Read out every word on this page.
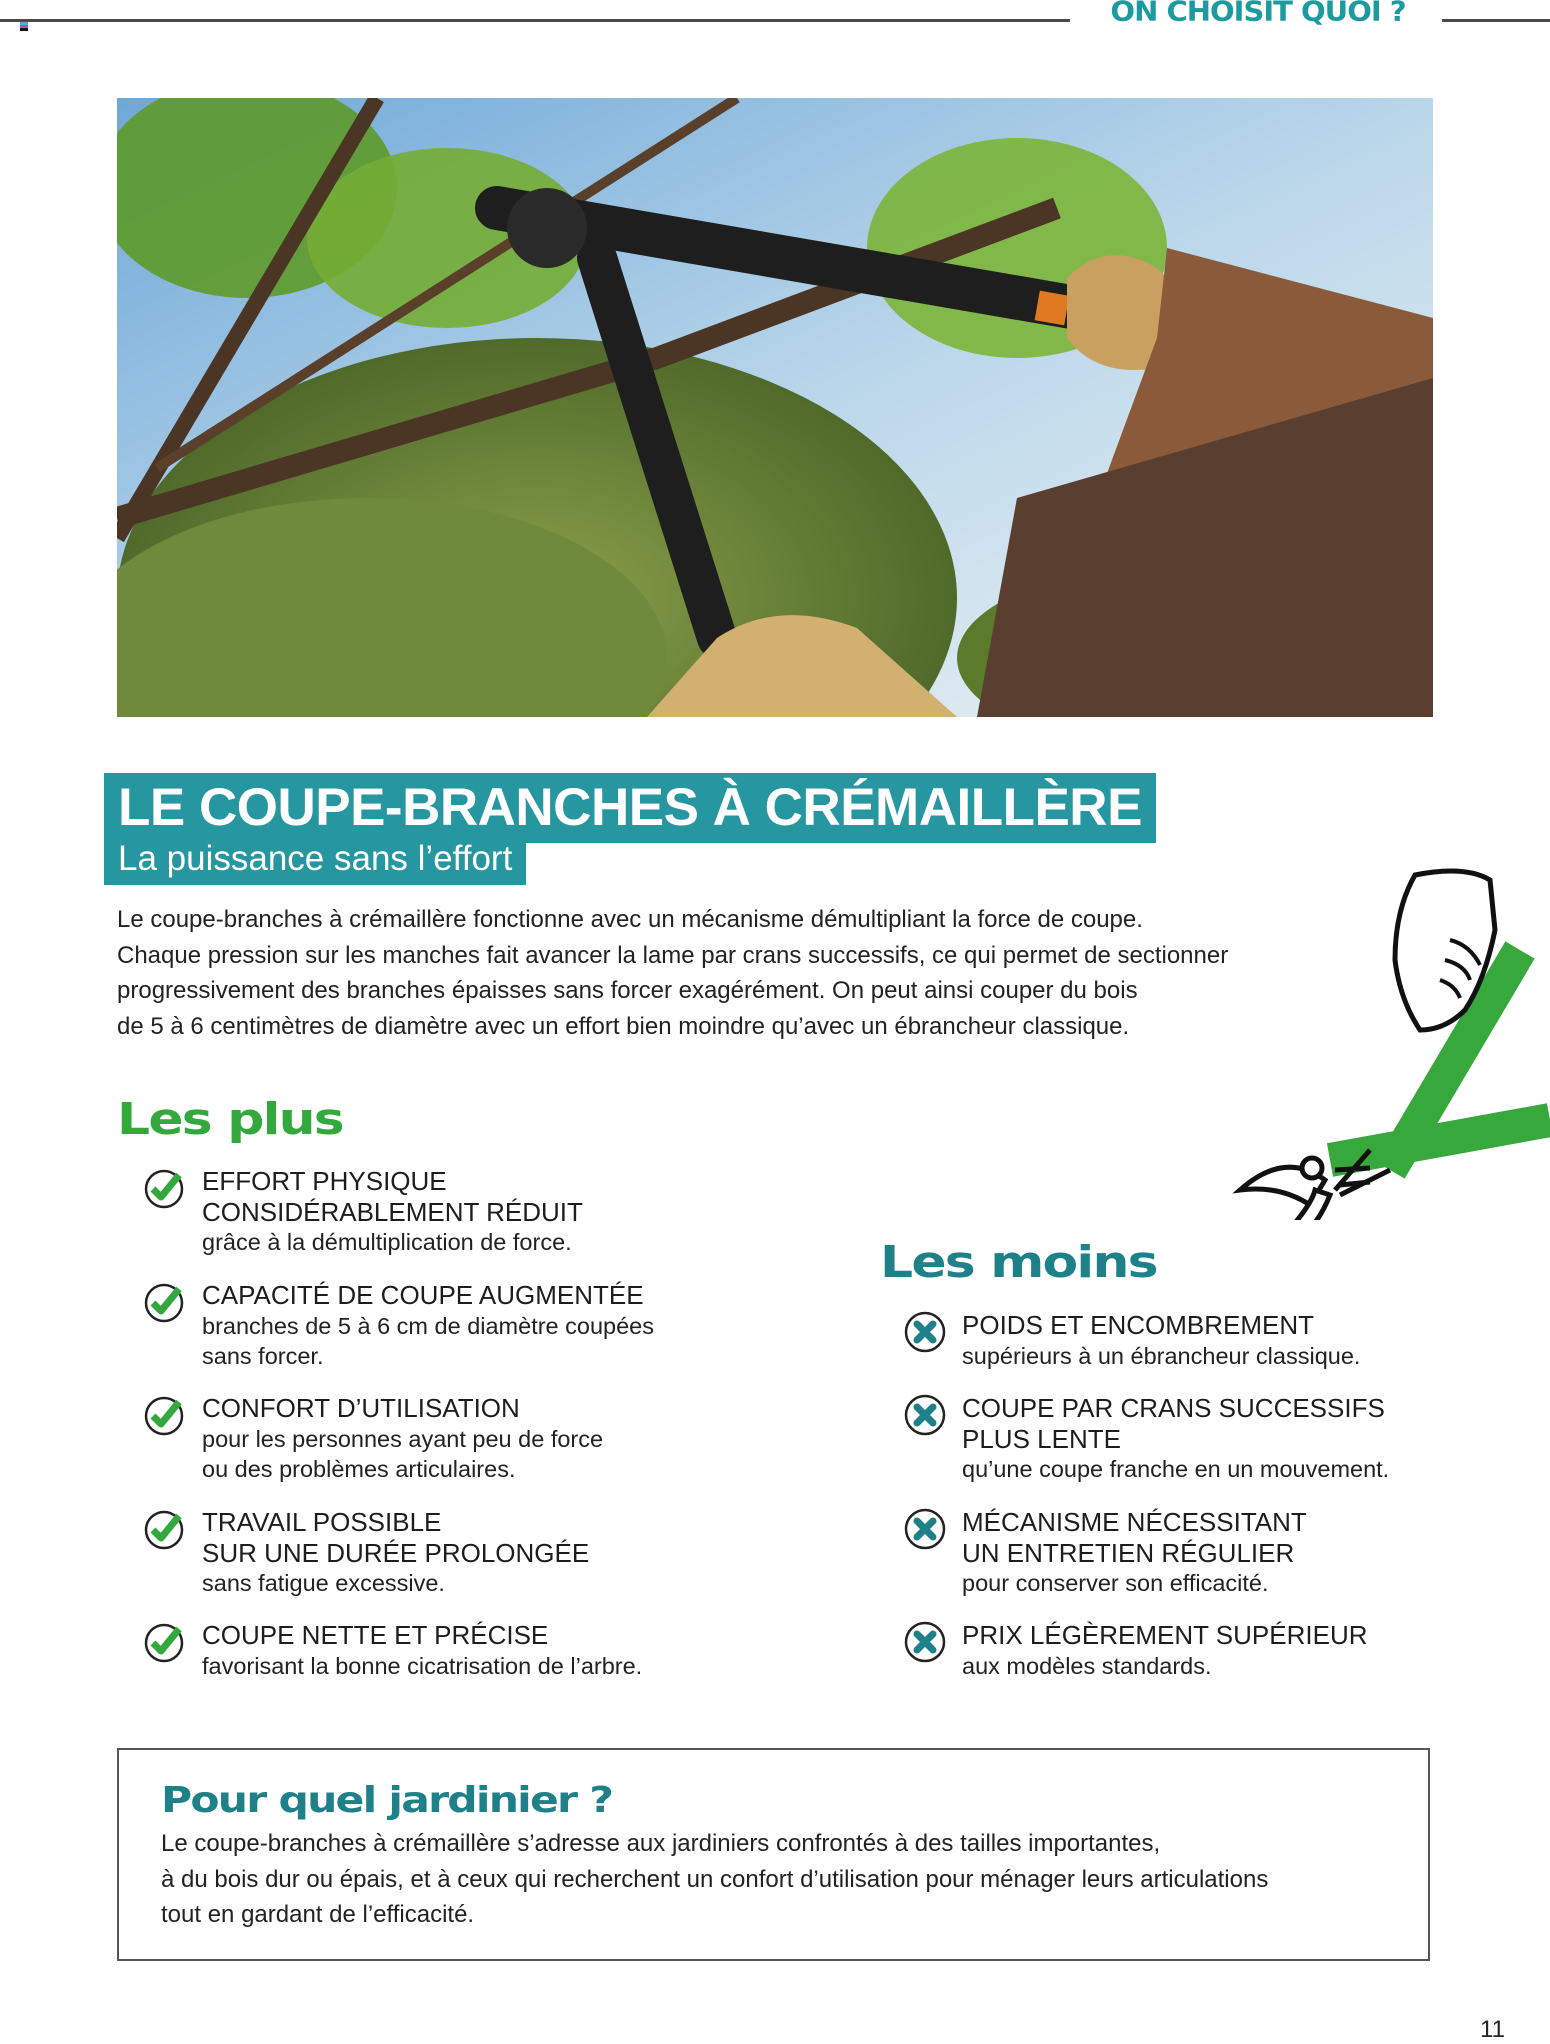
ON CHOISIT QUOI ?
LE COUPE-BRANCHES À CRÉMAILLÈRE
La puissance sans l’effort
Le coupe-branches à crémaillère fonctionne avec un mécanisme démultipliant la force de coupe.
Chaque pression sur les manches fait avancer la lame par crans successifs, ce qui permet de sectionner
progressivement des branches épaisses sans forcer exagérément. On peut ainsi couper du bois
de 5 à 6 centimètres de diamètre avec un effort bien moindre qu’avec un ébrancheur classique.
Les plus
Les moins
EFFORT PHYSIQUE
CONSIDÉRABLEMENT RÉDUIT
grâce à la démultiplication de force.
CAPACITÉ DE COUPE AUGMENTÉE
branches de 5 à 6 cm de diamètre coupées
sans forcer.
CONFORT D’UTILISATION
pour les personnes ayant peu de force
ou des problèmes articulaires.
TRAVAIL POSSIBLE
SUR UNE DURÉE PROLONGÉE
sans fatigue excessive.
COUPE NETTE ET PRÉCISE
favorisant la bonne cicatrisation de l’arbre.
POIDS ET ENCOMBREMENT
supérieurs à un ébrancheur classique.
COUPE PAR CRANS SUCCESSIFS
PLUS LENTE
qu’une coupe franche en un mouvement.
MÉCANISME NÉCESSITANT
UN ENTRETIEN RÉGULIER
pour conserver son efficacité.
PRIX LÉGÈREMENT SUPÉRIEUR
aux modèles standards.
Pour quel jardinier ?
Le coupe-branches à crémaillère s’adresse aux jardiniers confrontés à des tailles importantes,
à du bois dur ou épais, et à ceux qui recherchent un confort d’utilisation pour ménager leurs articulations
tout en gardant de l’efficacité.
11
